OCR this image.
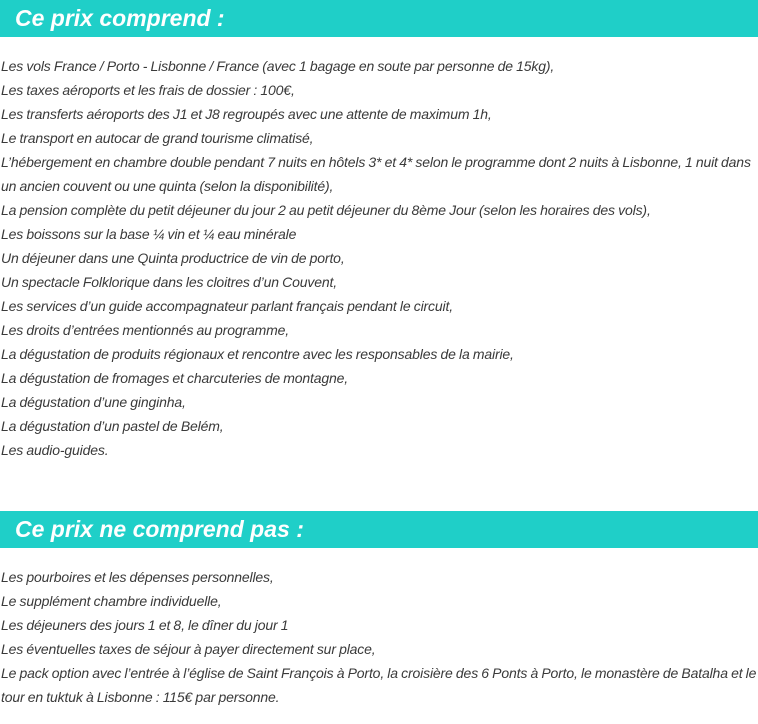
Ce prix comprend :
Les vols France / Porto - Lisbonne / France (avec 1 bagage en soute par personne de 15kg),
Les taxes aéroports et les frais de dossier : 100€,
Les transferts aéroports des J1 et J8 regroupés avec une attente de maximum 1h,
Le transport en autocar de grand tourisme climatisé,
L’hébergement en chambre double pendant 7 nuits en hôtels 3* et 4* selon le programme dont 2 nuits à Lisbonne, 1 nuit dans un ancien couvent ou une quinta (selon la disponibilité),
La pension complète du petit déjeuner du jour 2 au petit déjeuner du 8ème Jour (selon les horaires des vols),
Les boissons sur la base ¼ vin et ¼ eau minérale
Un déjeuner dans une Quinta productrice de vin de porto,
Un spectacle Folklorique dans les cloitres d’un Couvent,
Les services d’un guide accompagnateur parlant français pendant le circuit,
Les droits d’entrées mentionnés au programme,
La dégustation de produits régionaux et rencontre avec les responsables de la mairie,
La dégustation de fromages et charcuteries de montagne,
La dégustation d’une ginginha,
La dégustation d’un pastel de Belém,
Les audio-guides.
Ce prix ne comprend pas :
Les pourboires et les dépenses personnelles,
Le supplément chambre individuelle,
Les déjeuners des jours 1 et 8, le dîner du jour 1
Les éventuelles taxes de séjour à payer directement sur place,
Le pack option avec l’entrée à l’église de Saint François à Porto, la croisière des 6 Ponts à Porto, le monastère de Batalha et le tour en tuktuk à Lisbonne : 115€ par personne.
